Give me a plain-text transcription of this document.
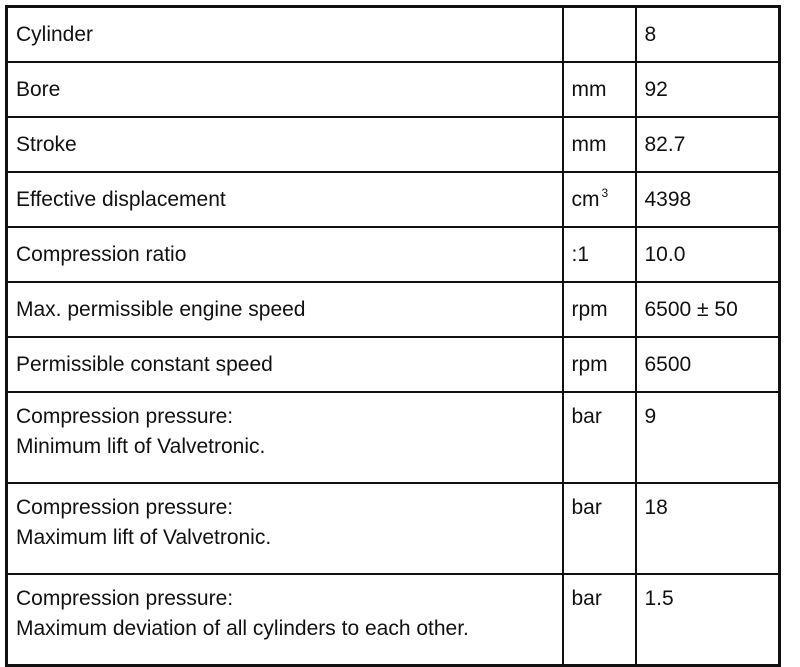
Cylinder		8
Bore	mm	92
Stroke	mm	82.7
Effective displacement	cm $^3$	4398
Compression ratio	:1	10.0
Max. permissible engine speed	rpm	6500 ± 50
Permissible constant speed	rpm	6500

Compression pressure:
Minimum lift of Valvetronic.	bar	9

Compression pressure:
Maximum lift of Valvetronic.	bar	18

Compression pressure:
Maximum deviation of all cylinders to each other.	bar	1.5
